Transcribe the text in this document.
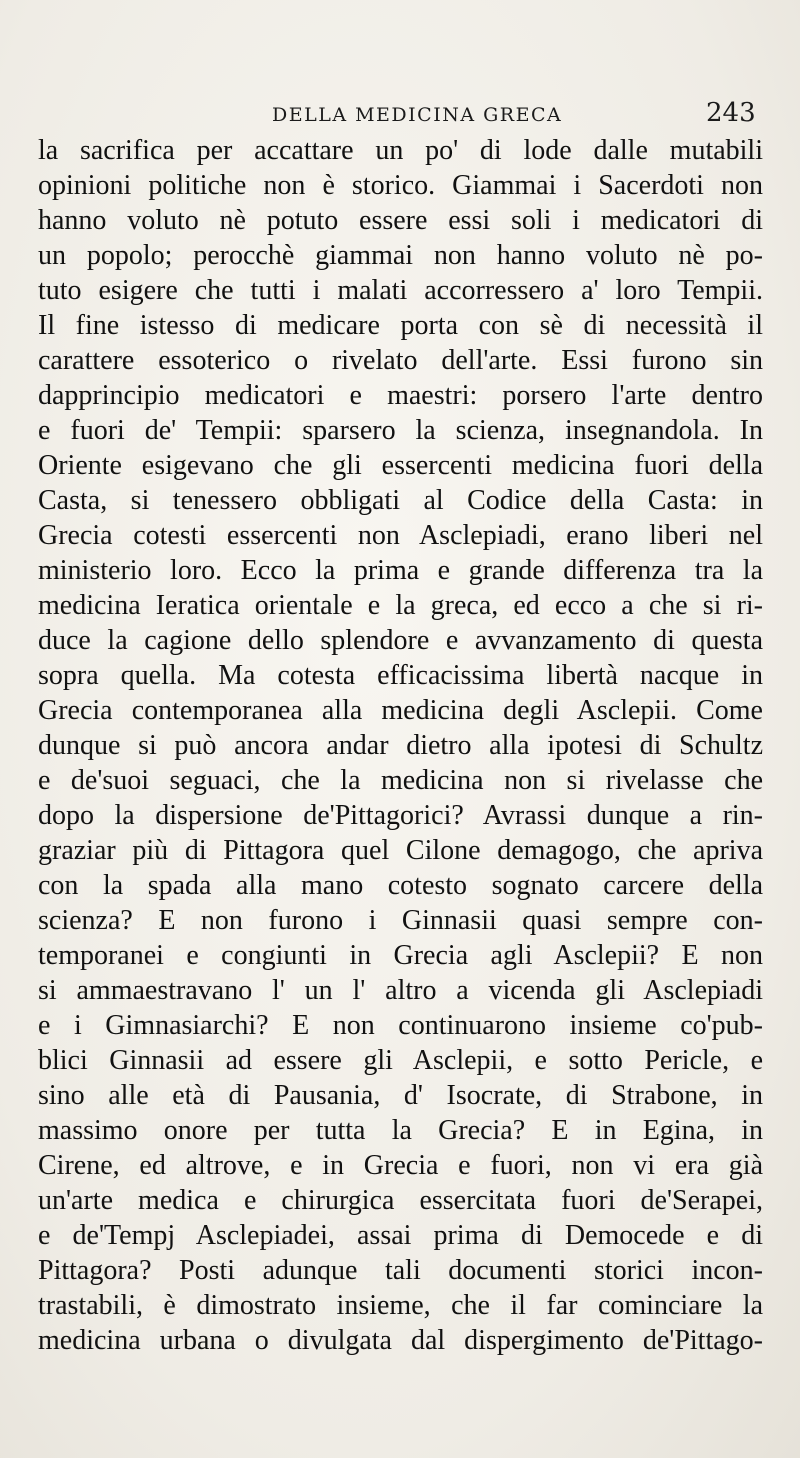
DELLA MEDICINA GRECA	243
la sacrifica per accattare un po' di lode dalle mutabili
opinioni politiche non è storico. Giammai i Sacerdoti non
hanno voluto nè potuto essere essi soli i medicatori di
un popolo; perocchè giammai non hanno voluto nè po-
tuto esigere che tutti i malati accorressero a' loro Tempii.
Il fine istesso di medicare porta con sè di necessità il
carattere essoterico o rivelato dell'arte. Essi furono sin
dapprincipio medicatori e maestri: porsero l'arte dentro
e fuori de' Tempii: sparsero la scienza, insegnandola. In
Oriente esigevano che gli essercenti medicina fuori della
Casta, si tenessero obbligati al Codice della Casta: in
Grecia cotesti essercenti non Asclepiadi, erano liberi nel
ministerio loro. Ecco la prima e grande differenza tra la
medicina Ieratica orientale e la greca, ed ecco a che si ri-
duce la cagione dello splendore e avvanzamento di questa
sopra quella. Ma cotesta efficacissima libertà nacque in
Grecia contemporanea alla medicina degli Asclepii. Come
dunque si può ancora andar dietro alla ipotesi di Schultz
e de'suoi seguaci, che la medicina non si rivelasse che
dopo la dispersione de'Pittagorici? Avrassi dunque a rin-
graziar più di Pittagora quel Cilone demagogo, che apriva
con la spada alla mano cotesto sognato carcere della
scienza? E non furono i Ginnasii quasi sempre con-
temporanei e congiunti in Grecia agli Asclepii? E non
si ammaestravano l' un l' altro a vicenda gli Asclepiadi
e i Gimnasiarchi? E non continuarono insieme co'pub-
blici Ginnasii ad essere gli Asclepii, e sotto Pericle, e
sino alle età di Pausania, d' Isocrate, di Strabone, in
massimo onore per tutta la Grecia? E in Egina, in
Cirene, ed altrove, e in Grecia e fuori, non vi era già
un'arte medica e chirurgica essercitata fuori de'Serapei,
e de'Tempj Asclepiadei, assai prima di Democede e di
Pittagora? Posti adunque tali documenti storici incon-
trastabili, è dimostrato insieme, che il far cominciare la
medicina urbana o divulgata dal dispergimento de'Pittago-
